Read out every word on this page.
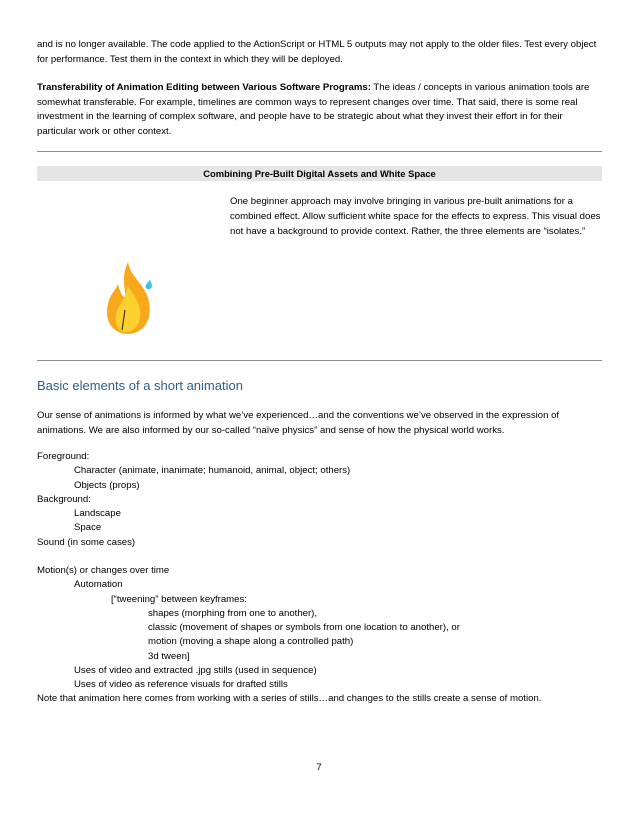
and is no longer available. The code applied to the ActionScript or HTML 5 outputs may not apply to the older files. Test every object for performance. Test them in the context in which they will be deployed.

Transferability of Animation Editing between Various Software Programs: The ideas / concepts in various animation tools are somewhat transferable. For example, timelines are common ways to represent changes over time. That said, there is some real investment in the learning of complex software, and people have to be strategic about what they invest their effort in for their particular work or other context.

Combining Pre-Built Digital Assets and White Space

One beginner approach may involve bringing in various pre-built animations for a combined effect. Allow sufficient white space for the effects to express. This visual does not have a background to provide context. Rather, the three elements are “isolates.”

Basic elements of a short animation

Our sense of animations is informed by what we’ve experienced…and the conventions we’ve observed in the expression of animations. We are also informed by our so-called “naïve physics” and sense of how the physical world works.

Foreground:
Character (animate, inanimate; humanoid, animal, object; others)
Objects (props)
Background:
Landscape
Space
Sound (in some cases)

Motion(s) or changes over time
Automation
[“tweening” between keyframes:
shapes (morphing from one to another),
classic (movement of shapes or symbols from one location to another), or
motion (moving a shape along a controlled path)
3d tween]
Uses of video and extracted .jpg stills (used in sequence)
Uses of video as reference visuals for drafted stills
Note that animation here comes from working with a series of stills…and changes to the stills create a sense of motion.
7
